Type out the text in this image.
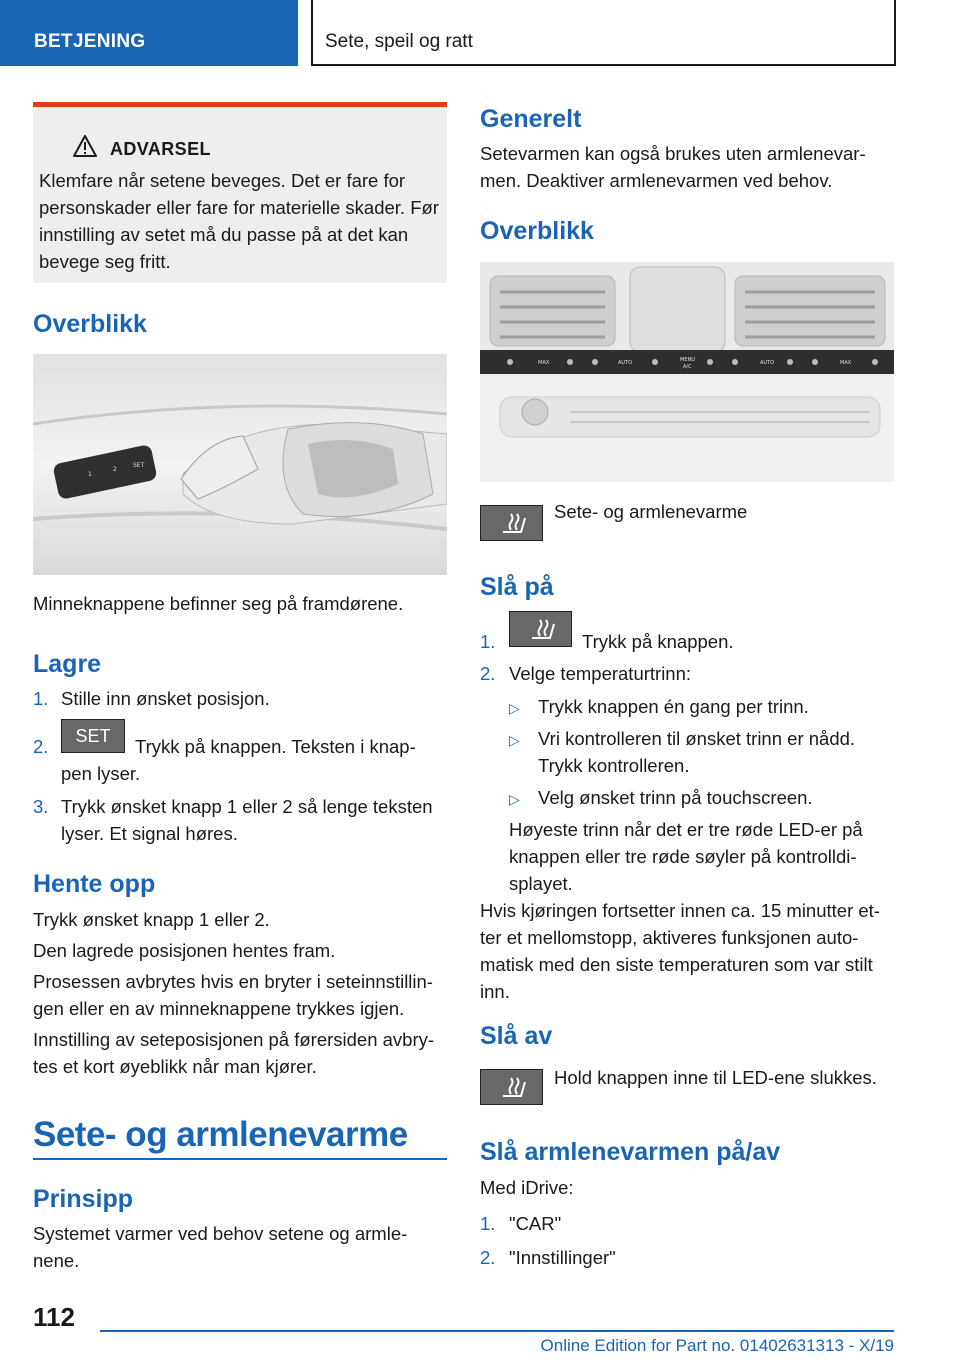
BETJENING	Sete, speil og ratt
ADVARSEL
Klemfare når setene beveges. Det er fare for personskader eller fare for materielle skader. Før innstilling av setet må du passe på at det kan bevege seg fritt.
Overblikk
1
2
SET
Minneknappene befinner seg på framdørene.
Lagre
1. Stille inn ønsket posisjon.
2.	SET	Trykk på knappen. Teksten i knap-
pen lyser.
3. Trykk ønsket knapp 1 eller 2 så lenge teksten
lyser. Et signal høres.
Hente opp
Trykk ønsket knapp 1 eller 2.
Den lagrede posisjonen hentes fram.
Prosessen avbrytes hvis en bryter i seteinnstillin-
gen eller en av minneknappene trykkes igjen.
Innstilling av seteposisjonen på førersiden avbry-
tes et kort øyeblikk når man kjører.
Sete- og armlenevarme
Prinsipp
Systemet varmer ved behov setene og armle-
nene.
Generelt
Setevarmen kan også brukes uten armlenevar-
men. Deaktiver armlenevarmen ved behov.
Overblikk
MAX	AUTO	MENU
A/C
AUTO	MAX
Sete- og armlenevarme
Slå på
1.	Trykk på knappen.
2. Velge temperaturtrinn:
▷ Trykk knappen én gang per trinn.
▷ Vri kontrolleren til ønsket trinn er nådd.
Trykk kontrolleren.
▷ Velg ønsket trinn på touchscreen.
Høyeste trinn når det er tre røde LED-er på
knappen eller tre røde søyler på kontrolldi-
splayet.
Hvis kjøringen fortsetter innen ca. 15 minutter et-
ter et mellomstopp, aktiveres funksjonen auto-
matisk med den siste temperaturen som var stilt
inn.
Slå av
Hold knappen inne til LED-ene slukkes.
Slå armlenevarmen på/av
Med iDrive:
1. "CAR"
2. "Innstillinger"
112
Online Edition for Part no. 01402631313 - X/19
